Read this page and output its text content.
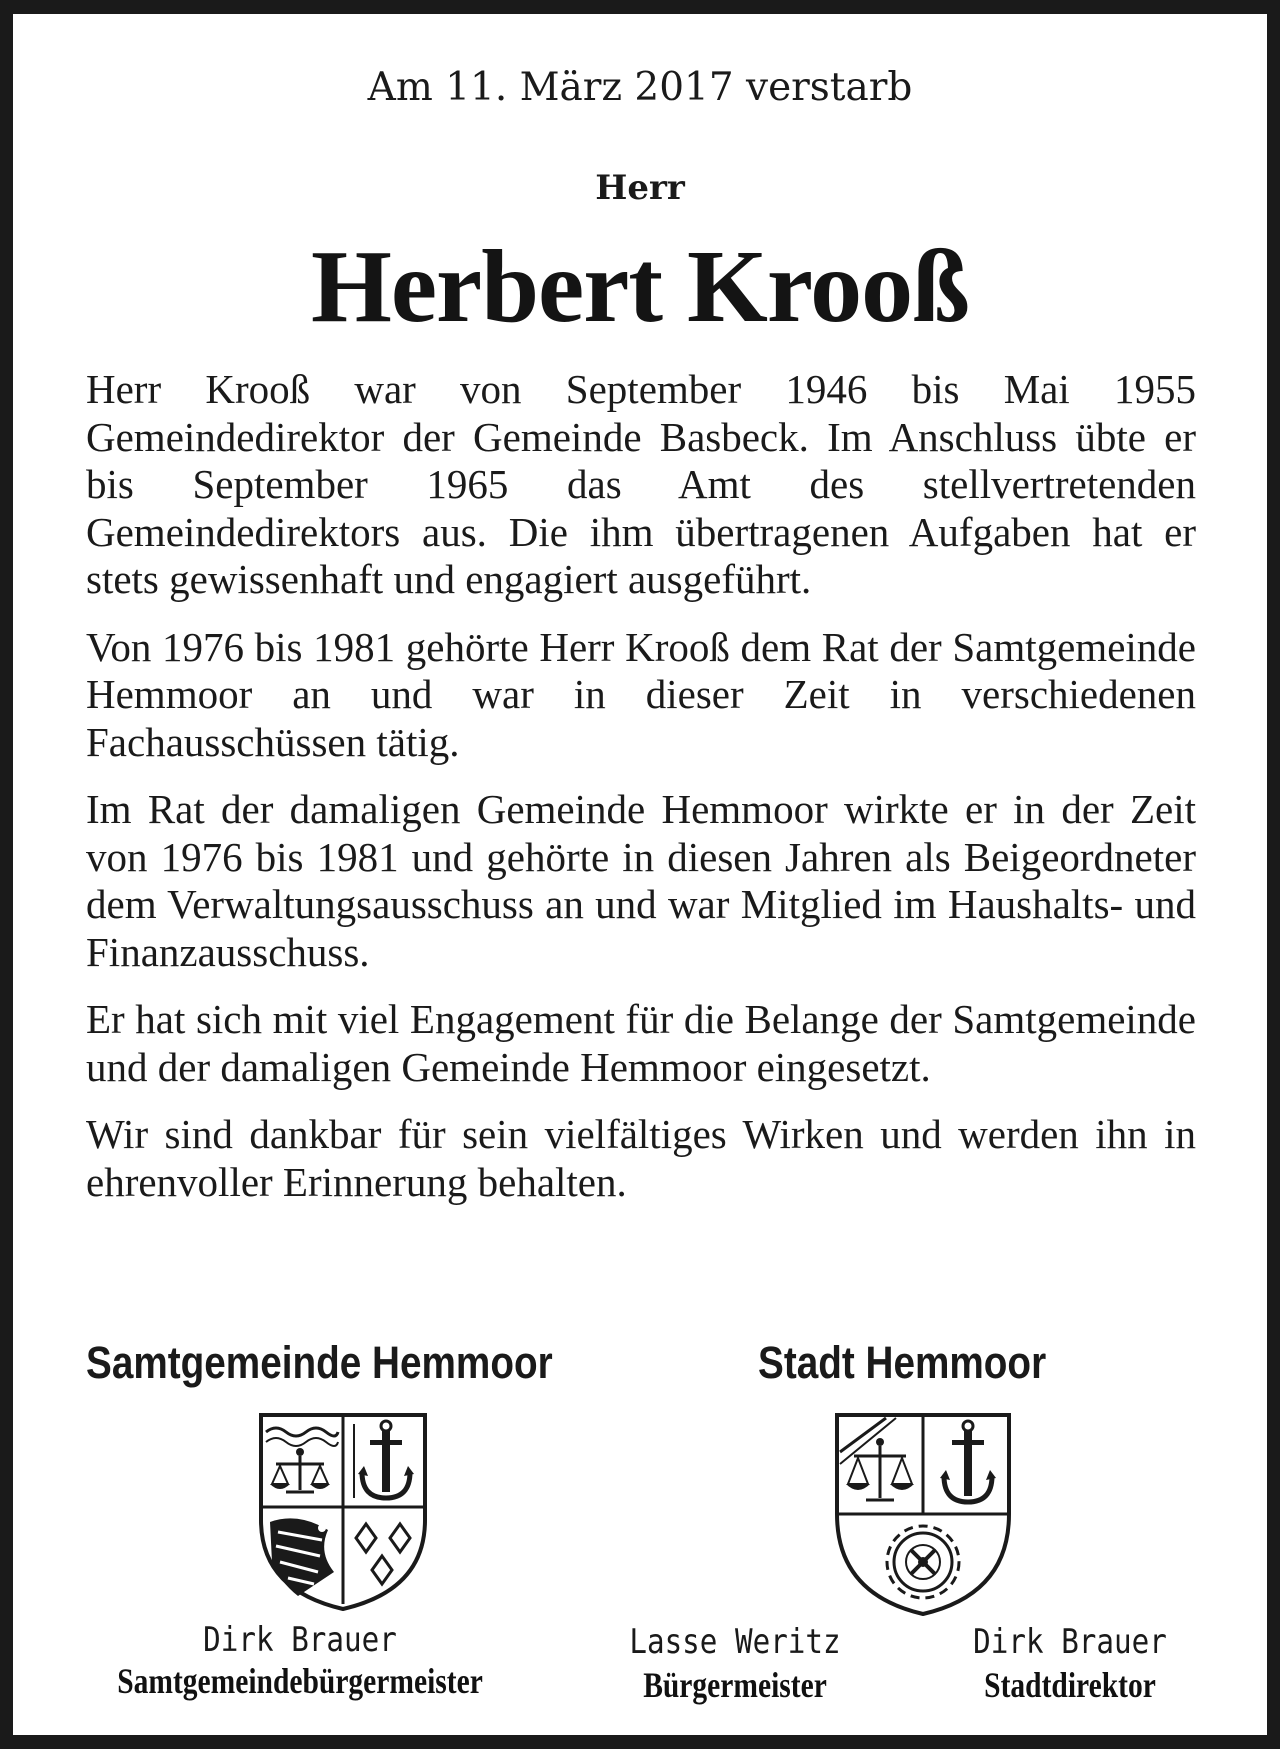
Am 11. März 2017 verstarb
Herr
Herbert Krooß

Herr Krooß war von September 1946 bis Mai 1955 Gemeindedirektor der Gemeinde Basbeck. Im Anschluss übte er bis September 1965 das Amt des stellvertretenden Gemeindedirektors aus. Die ihm übertragenen Aufgaben hat er stets gewissenhaft und engagiert ausgeführt.

Von 1976 bis 1981 gehörte Herr Krooß dem Rat der Samtgemeinde Hemmoor an und war in dieser Zeit in verschiedenen Fachausschüssen tätig.

Im Rat der damaligen Gemeinde Hemmoor wirkte er in der Zeit von 1976 bis 1981 und gehörte in diesen Jahren als Beigeordneter dem Verwaltungsausschuss an und war Mitglied im Haushalts- und Finanzausschuss.

Er hat sich mit viel Engagement für die Belange der Samtgemeinde und der damaligen Gemeinde Hemmoor eingesetzt.

Wir sind dankbar für sein vielfältiges Wirken und werden ihn in ehrenvoller Erinnerung behalten.

Samtgemeinde Hemmoor	Stadt Hemmoor
Dirk Brauer
Samtgemeindebürgermeister
Lasse Weritz
Bürgermeister
Dirk Brauer
Stadtdirektor
